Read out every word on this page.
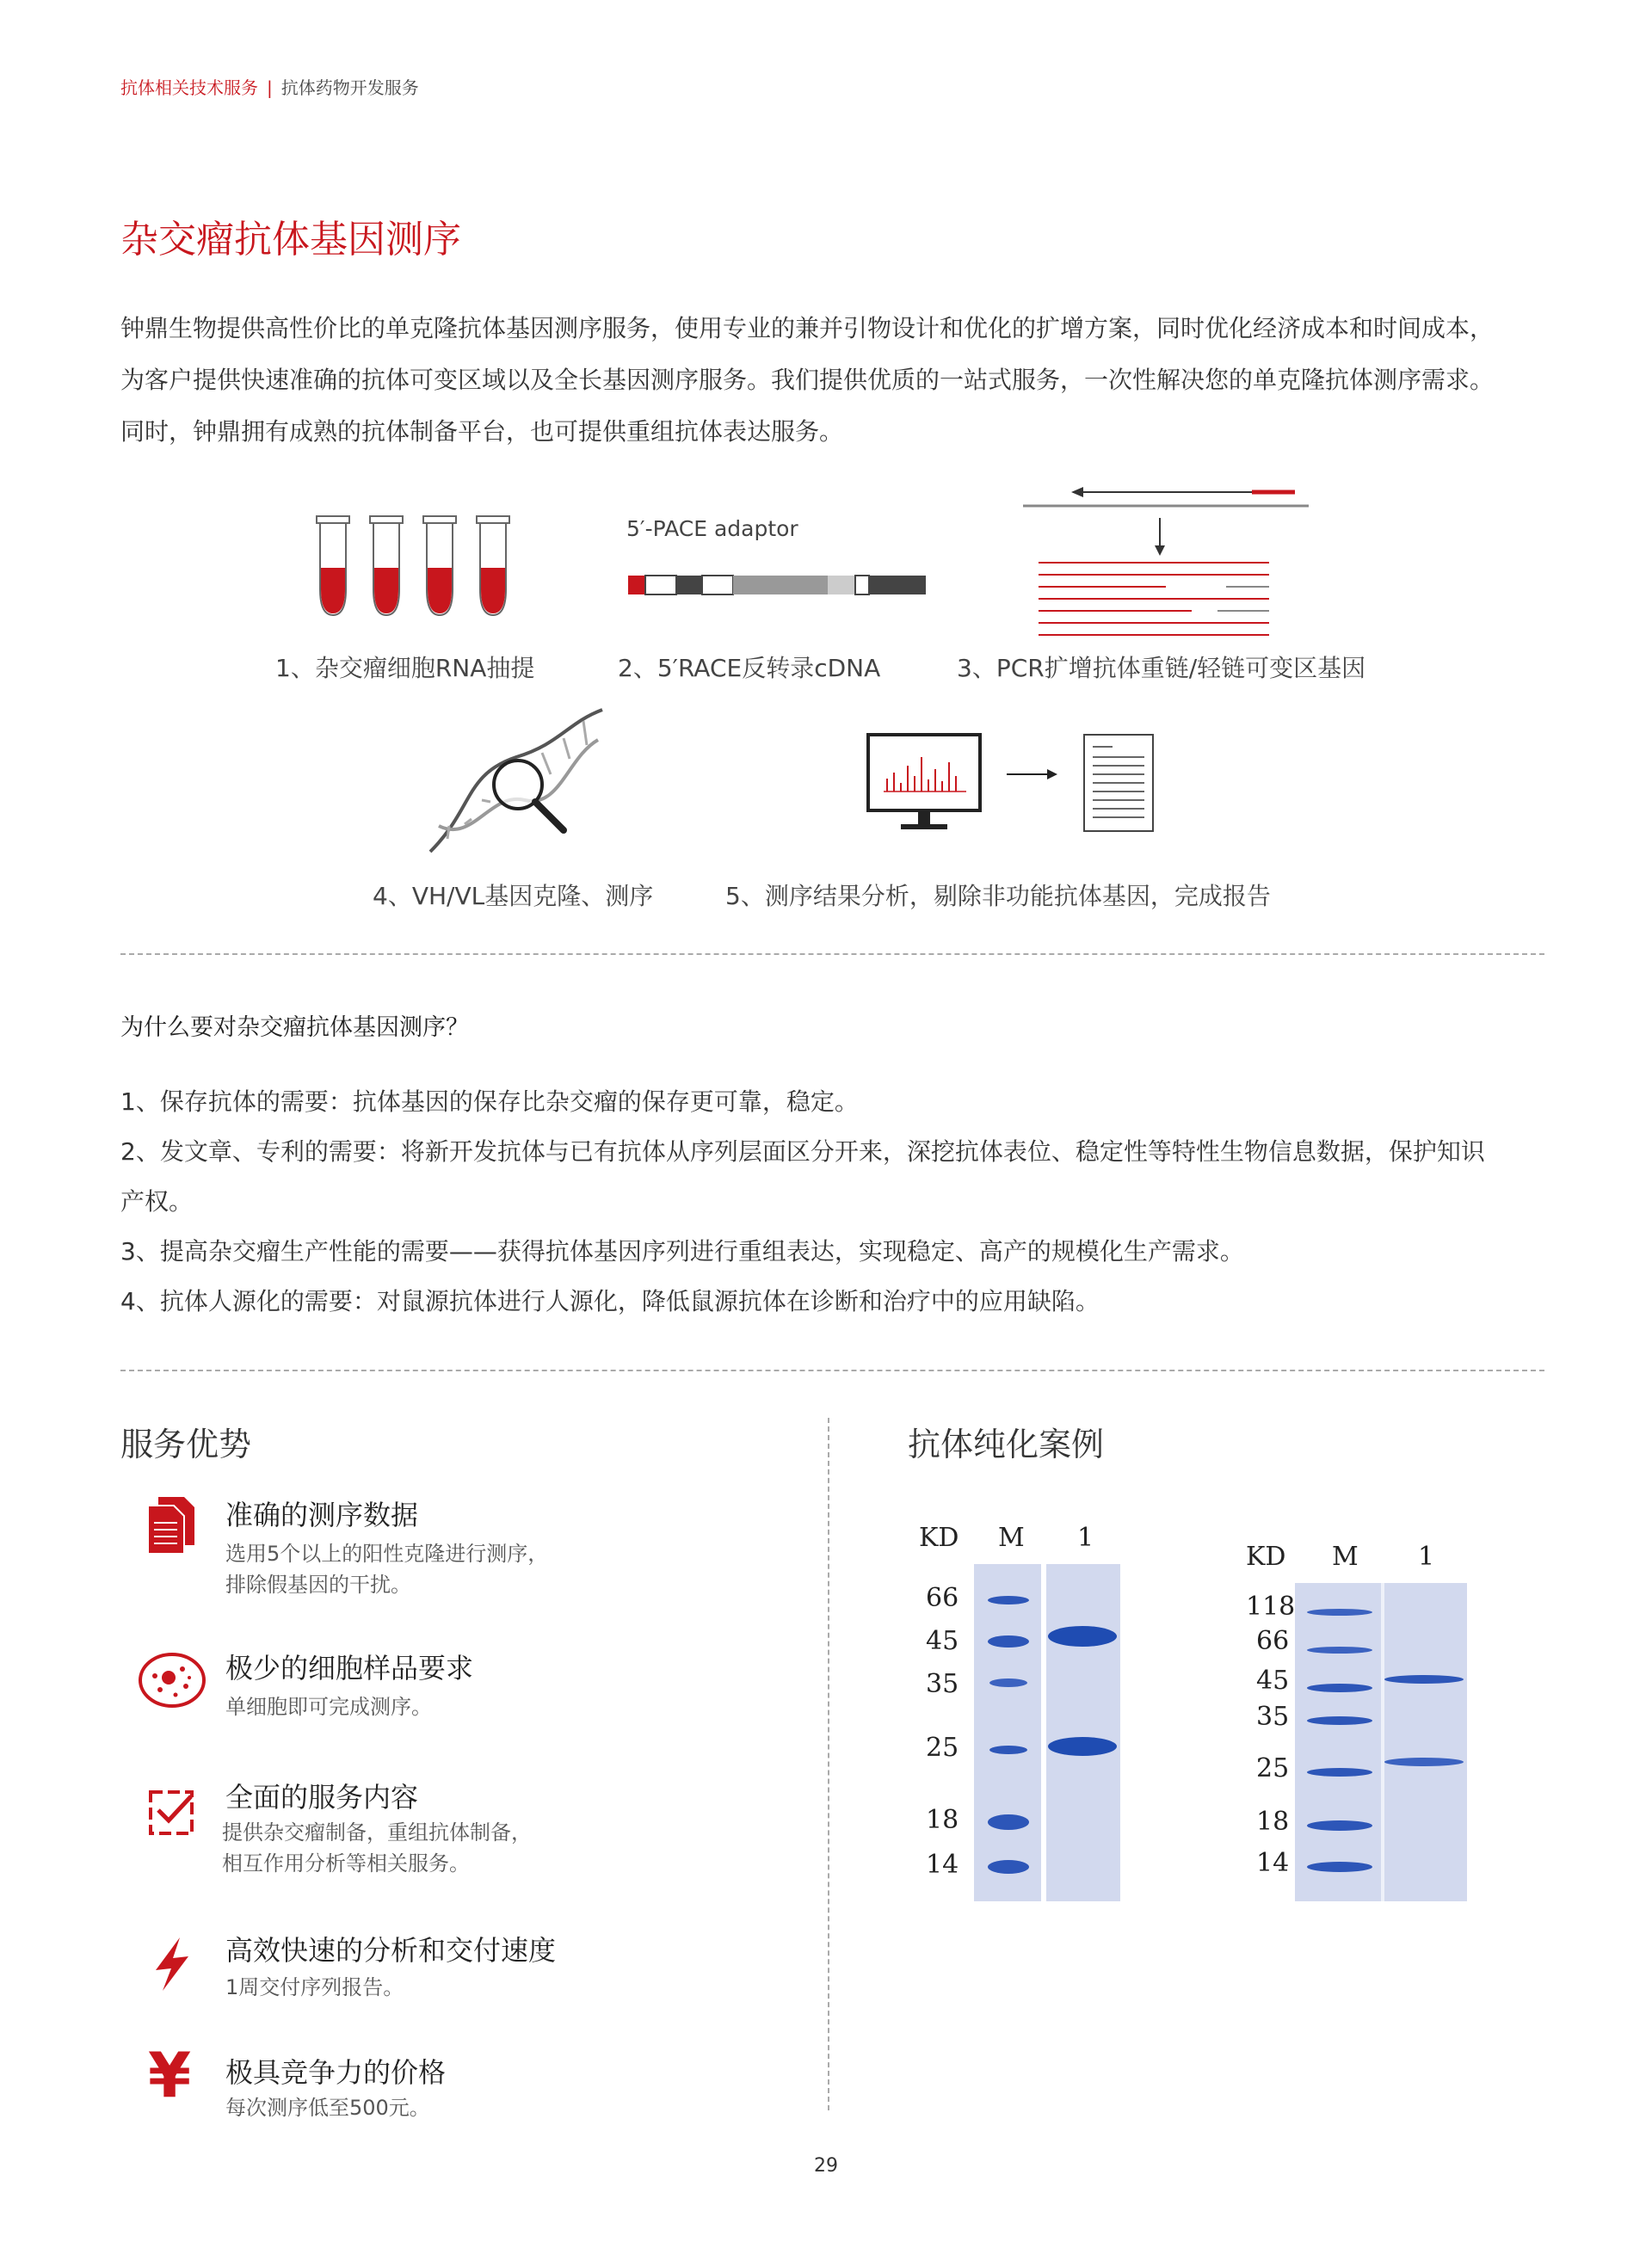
抗体相关技术服务 | 抗体药物开发服务
杂交瘤抗体基因测序

钟鼎生物提供高性价比的单克隆抗体基因测序服务，使用专业的兼并引物设计和优化的扩增方案，同时优化经济成本和时间成本，

为客户提供快速准确的抗体可变区域以及全长基因测序服务。我们提供优质的一站式服务，一次性解决您的单克隆抗体测序需求。

同时，钟鼎拥有成熟的抗体制备平台，也可提供重组抗体表达服务。

5′-PACE adaptor
1、杂交瘤细胞RNA抽提	2、5′RACE反转录cDNA	3、PCR扩增抗体重链/轻链可变区基因
4、VH/VL基因克隆、测序	5、测序结果分析，剔除非功能抗体基因，完成报告
为什么要对杂交瘤抗体基因测序？

1、保存抗体的需要：抗体基因的保存比杂交瘤的保存更可靠，稳定。

2、发文章、专利的需要：将新开发抗体与已有抗体从序列层面区分开来，深挖抗体表位、稳定性等特性生物信息数据，保护知识

产权。

3、提高杂交瘤生产性能的需要——获得抗体基因序列进行重组表达，实现稳定、高产的规模化生产需求。

4、抗体人源化的需要：对鼠源抗体进行人源化，降低鼠源抗体在诊断和治疗中的应用缺陷。

服务优势
准确的测序数据
选用5个以上的阳性克隆进行测序，
排除假基因的干扰。
极少的细胞样品要求
单细胞即可完成测序。
全面的服务内容
提供杂交瘤制备，重组抗体制备，
相互作用分析等相关服务。
高效快速的分析和交付速度
1周交付序列报告。
¥ 极具竞争力的价格
每次测序低至500元。
抗体纯化案例
KD M 1
66
45
35
25
18
14
KD M 1
118
66
45
35
25
18
14
29
